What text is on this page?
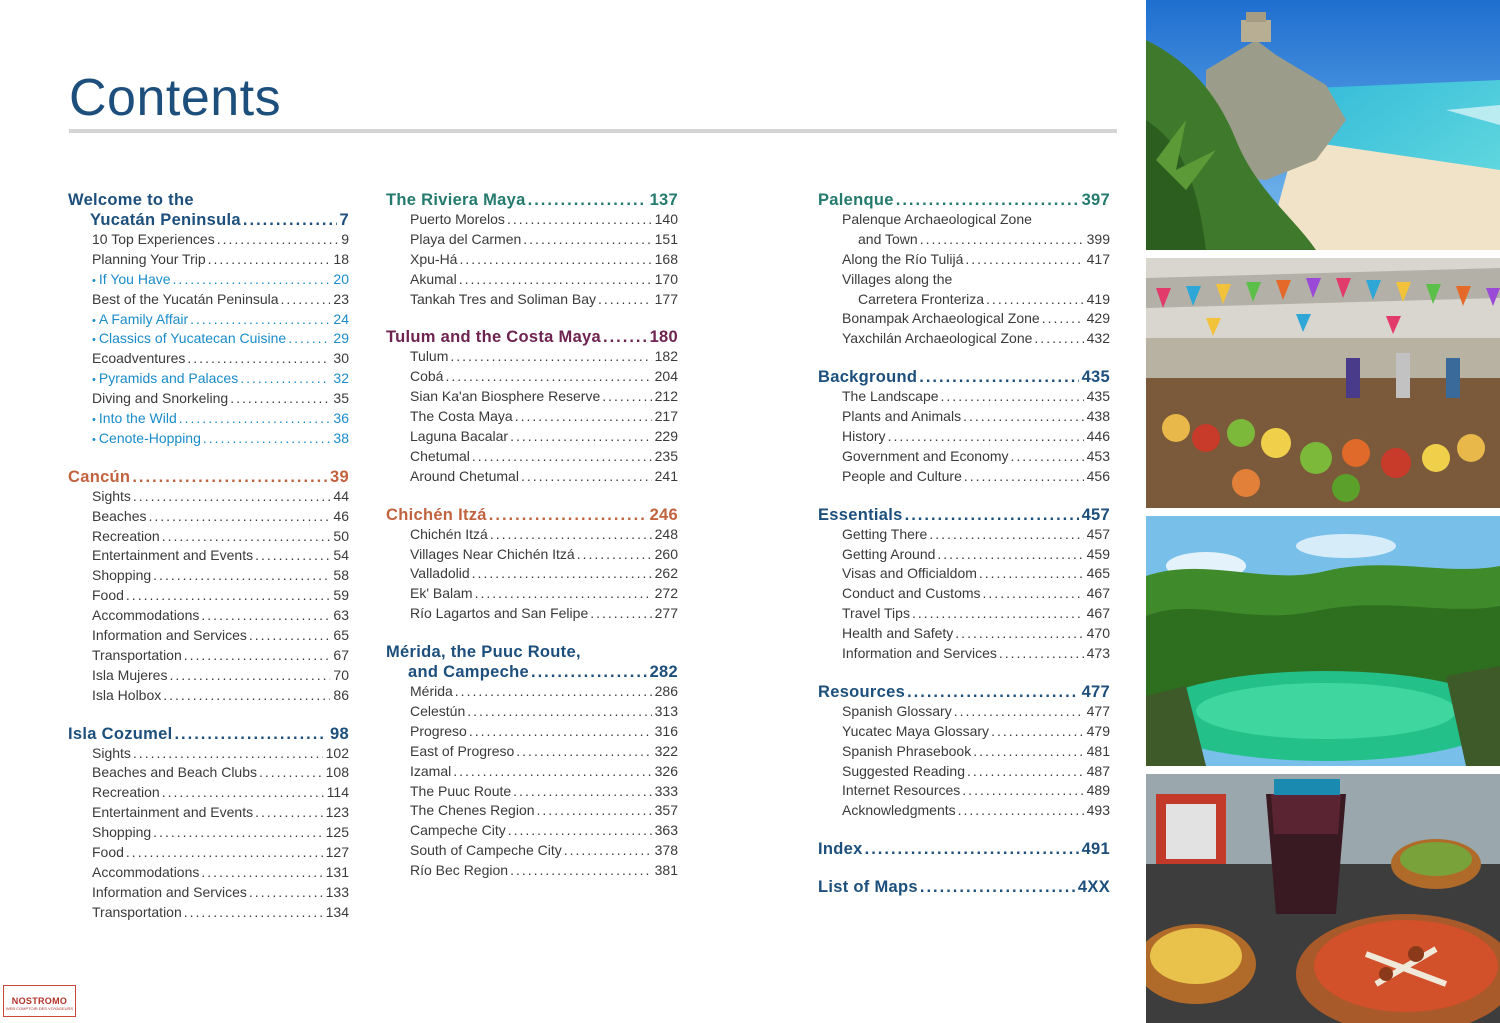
Contents
Welcome to the
Yucatán Peninsula .....	7
10 Top Experiences .....	9
Planning Your Trip .....	18
• If You Have .....	20
Best of the Yucatán Peninsula .....	23
• A Family Affair .....	24
• Classics of Yucatecan Cuisine .....	29
Ecoadventures .....	30
• Pyramids and Palaces .....	32
Diving and Snorkeling .....	35
• Into the Wild .....	36
• Cenote-Hopping .....	38
Cancún .....	39
Sights .....	44
Beaches .....	46
Recreation .....	50
Entertainment and Events .....	54
Shopping .....	58
Food .....	59
Accommodations .....	63
Information and Services .....	65
Transportation .....	67
Isla Mujeres .....	70
Isla Holbox .....	86
Isla Cozumel .....	98
Sights .....	102
Beaches and Beach Clubs .....	108
Recreation .....	114
Entertainment and Events .....	123
Shopping .....	125
Food .....	127
Accommodations .....	131
Information and Services .....	133
Transportation .....	134
The Riviera Maya .....	137
Puerto Morelos .....	140
Playa del Carmen .....	151
Xpu-Há .....	168
Akumal .....	170
Tankah Tres and Soliman Bay .....	177
Tulum and the Costa Maya .....	180
Tulum .....	182
Cobá .....	204
Sian Ka'an Biosphere Reserve .....	212
The Costa Maya .....	217
Laguna Bacalar .....	229
Chetumal .....	235
Around Chetumal .....	241
Chichén Itzá .....	246
Chichén Itzá .....	248
Villages Near Chichén Itzá .....	260
Valladolid .....	262
Ek' Balam .....	272
Río Lagartos and San Felipe .....	277
Mérida, the Puuc Route,
and Campeche .....	282
Mérida .....	286
Celestún .....	313
Progreso .....	316
East of Progreso .....	322
Izamal .....	326
The Puuc Route .....	333
The Chenes Region .....	357
Campeche City .....	363
South of Campeche City .....	378
Río Bec Region .....	381
Palenque .....	397
Palenque Archaeological Zone
and Town .....	399
Along the Río Tulijá .....	417
Villages along the
Carretera Fronteriza .....	419
Bonampak Archaeological Zone .....	429
Yaxchilán Archaeological Zone .....	432
Background .....	435
The Landscape .....	435
Plants and Animals .....	438
History .....	446
Government and Economy .....	453
People and Culture .....	456
Essentials .....	457
Getting There .....	457
Getting Around .....	459
Visas and Officialdom .....	465
Conduct and Customs .....	467
Travel Tips .....	467
Health and Safety .....	470
Information and Services .....	473
Resources .....	477
Spanish Glossary .....	477
Yucatec Maya Glossary .....	479
Spanish Phrasebook .....	481
Suggested Reading .....	487
Internet Resources .....	489
Acknowledgments .....	493
Index .....	491
List of Maps .....	4XX
NOSTROMO
WEB COMPTOIR DES VOYAGEURS
